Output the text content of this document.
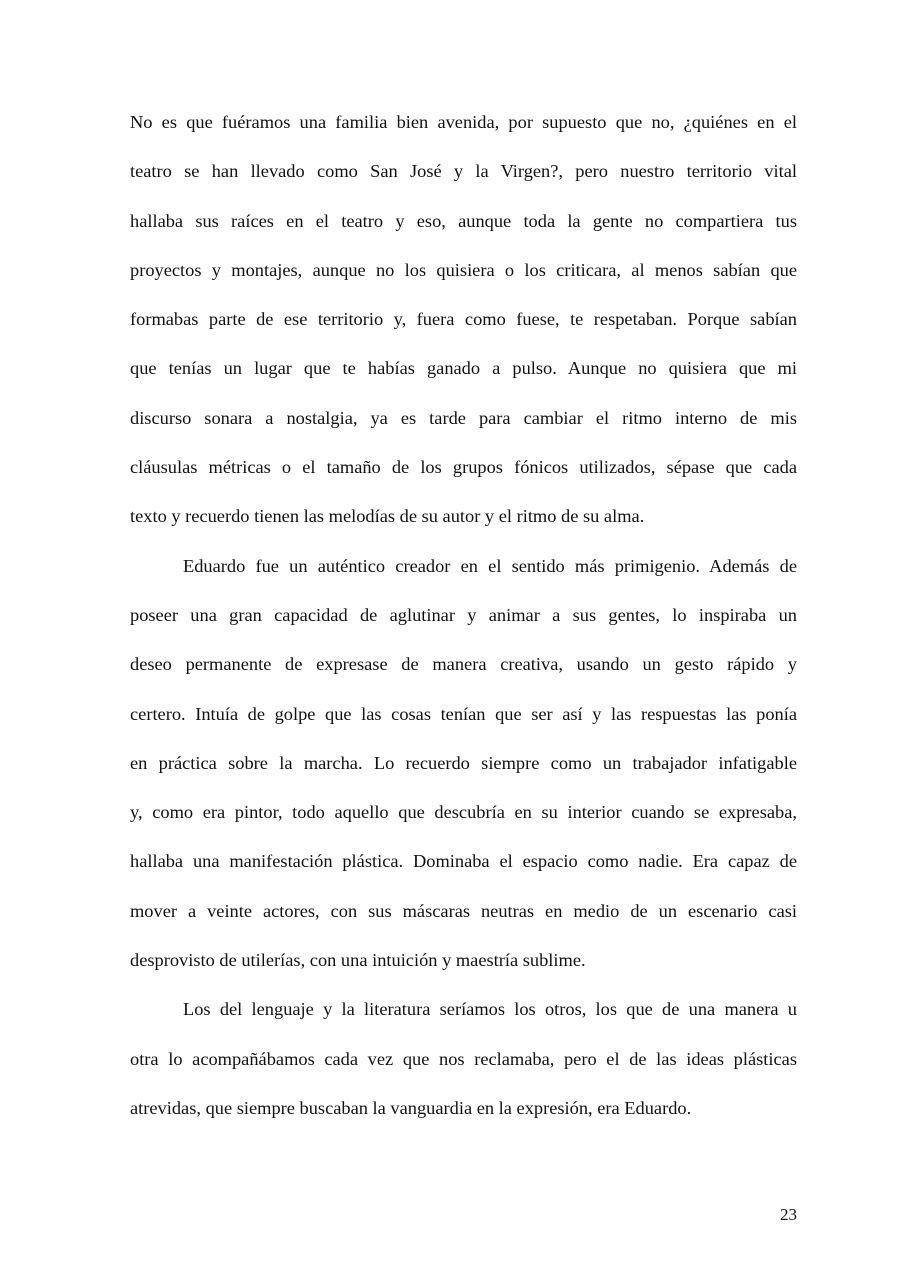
No es que fuéramos una familia bien avenida, por supuesto que no, ¿quiénes en el
teatro se han llevado como San José y la Virgen?, pero nuestro territorio vital
hallaba sus raíces en el teatro y eso, aunque toda la gente no compartiera tus
proyectos y montajes, aunque no los quisiera o los criticara, al menos sabían que
formabas parte de ese territorio y, fuera como fuese, te respetaban. Porque sabían
que tenías un lugar que te habías ganado a pulso. Aunque no quisiera que mi
discurso sonara a nostalgia, ya es tarde para cambiar el ritmo interno de mis
cláusulas métricas o el tamaño de los grupos fónicos utilizados, sépase que cada
texto y recuerdo tienen las melodías de su autor y el ritmo de su alma.
Eduardo fue un auténtico creador en el sentido más primigenio. Además de
poseer una gran capacidad de aglutinar y animar a sus gentes, lo inspiraba un
deseo permanente de expresase de manera creativa, usando un gesto rápido y
certero. Intuía de golpe que las cosas tenían que ser así y las respuestas las ponía
en práctica sobre la marcha. Lo recuerdo siempre como un trabajador infatigable
y, como era pintor, todo aquello que descubría en su interior cuando se expresaba,
hallaba una manifestación plástica. Dominaba el espacio como nadie. Era capaz de
mover a veinte actores, con sus máscaras neutras en medio de un escenario casi
desprovisto de utilerías, con una intuición y maestría sublime.
Los del lenguaje y la literatura seríamos los otros, los que de una manera u
otra lo acompañábamos cada vez que nos reclamaba, pero el de las ideas plásticas
atrevidas, que siempre buscaban la vanguardia en la expresión, era Eduardo.
23
